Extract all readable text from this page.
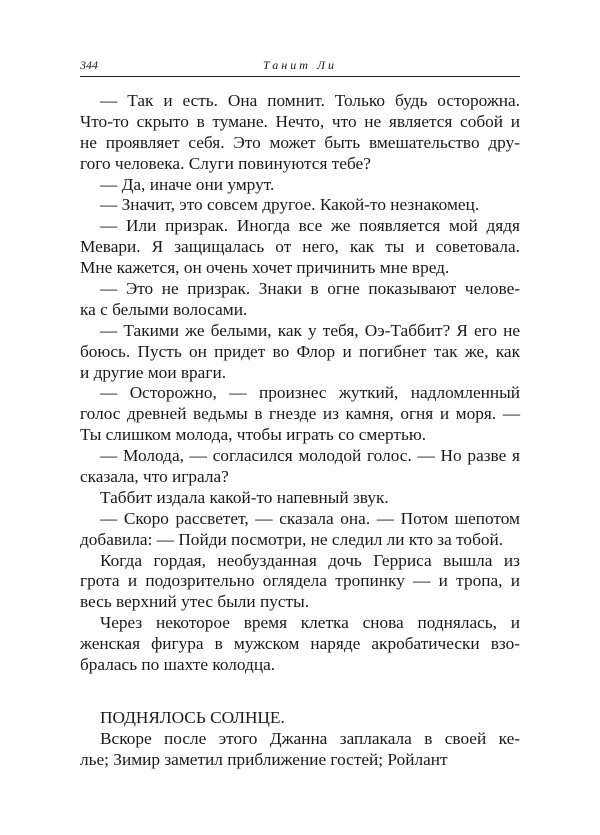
344	Танит Ли
— Так и есть. Она помнит. Только будь осторожна.
Что-то скрыто в тумане. Нечто, что не является собой и
не проявляет себя. Это может быть вмешательство дру-
гого человека. Слуги повинуются тебе?
— Да, иначе они умрут.
— Значит, это совсем другое. Какой-то незнакомец.
— Или призрак. Иногда все же появляется мой дядя
Мевари. Я защищалась от него, как ты и советовала.
Мне кажется, он очень хочет причинить мне вред.
— Это не призрак. Знаки в огне показывают челове-
ка с белыми волосами.
— Такими же белыми, как у тебя, Оэ-Таббит? Я его не
боюсь. Пусть он придет во Флор и погибнет так же, как
и другие мои враги.
— Осторожно, — произнес жуткий, надломленный
голос древней ведьмы в гнезде из камня, огня и моря. —
Ты слишком молода, чтобы играть со смертью.
— Молода, — согласился молодой голос. — Но разве я
сказала, что играла?
Таббит издала какой-то напевный звук.
— Скоро рассветет, — сказала она. — Потом шепотом
добавила: — Пойди посмотри, не следил ли кто за тобой.
Когда гордая, необузданная дочь Герриса вышла из
грота и подозрительно оглядела тропинку — и тропа, и
весь верхний утес были пусты.
Через некоторое время клетка снова поднялась, и
женская фигура в мужском наряде акробатически взо-
бралась по шахте колодца.
ПОДНЯЛОСЬ СОЛНЦЕ.
Вскоре после этого Джанна заплакала в своей ке-
лье; Зимир заметил приближение гостей; Ройлант
